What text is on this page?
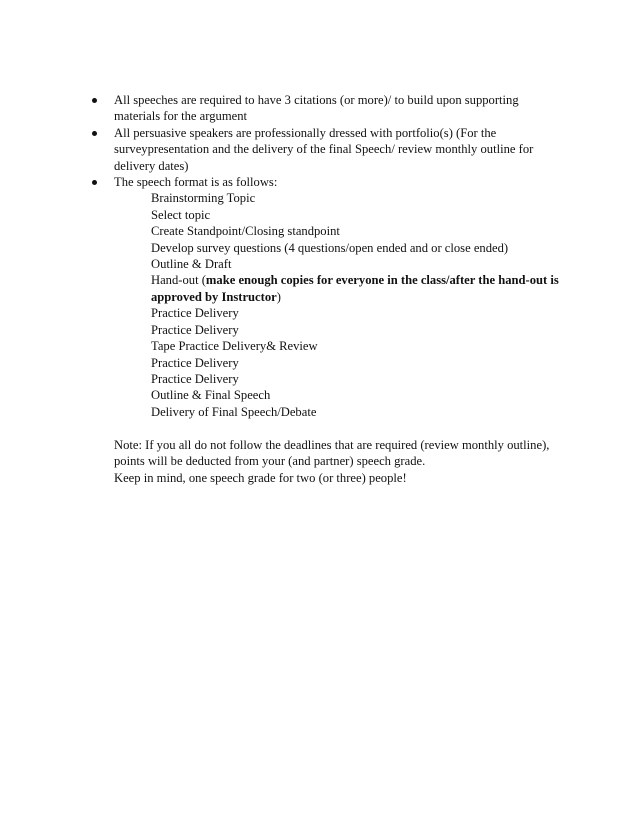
All speeches are required to have 3 citations (or more)/ to build upon supporting materials for the argument
All persuasive speakers are professionally dressed with portfolio(s) (For the surveypresentation and the delivery of the final Speech/ review monthly outline for delivery dates)
The speech format is as follows:
Brainstorming Topic
Select topic
Create Standpoint/Closing standpoint
Develop survey questions (4 questions/open ended and or close ended)
Outline & Draft
Hand-out (make enough copies for everyone in the class/after the hand-out is approved by Instructor)
Practice Delivery
Practice Delivery
Tape Practice Delivery& Review
Practice Delivery
Practice Delivery
Outline & Final Speech
Delivery of Final Speech/Debate
Note: If you all do not follow the deadlines that are required (review monthly outline), points will be deducted from your (and partner) speech grade.
Keep in mind, one speech grade for two (or three) people!
